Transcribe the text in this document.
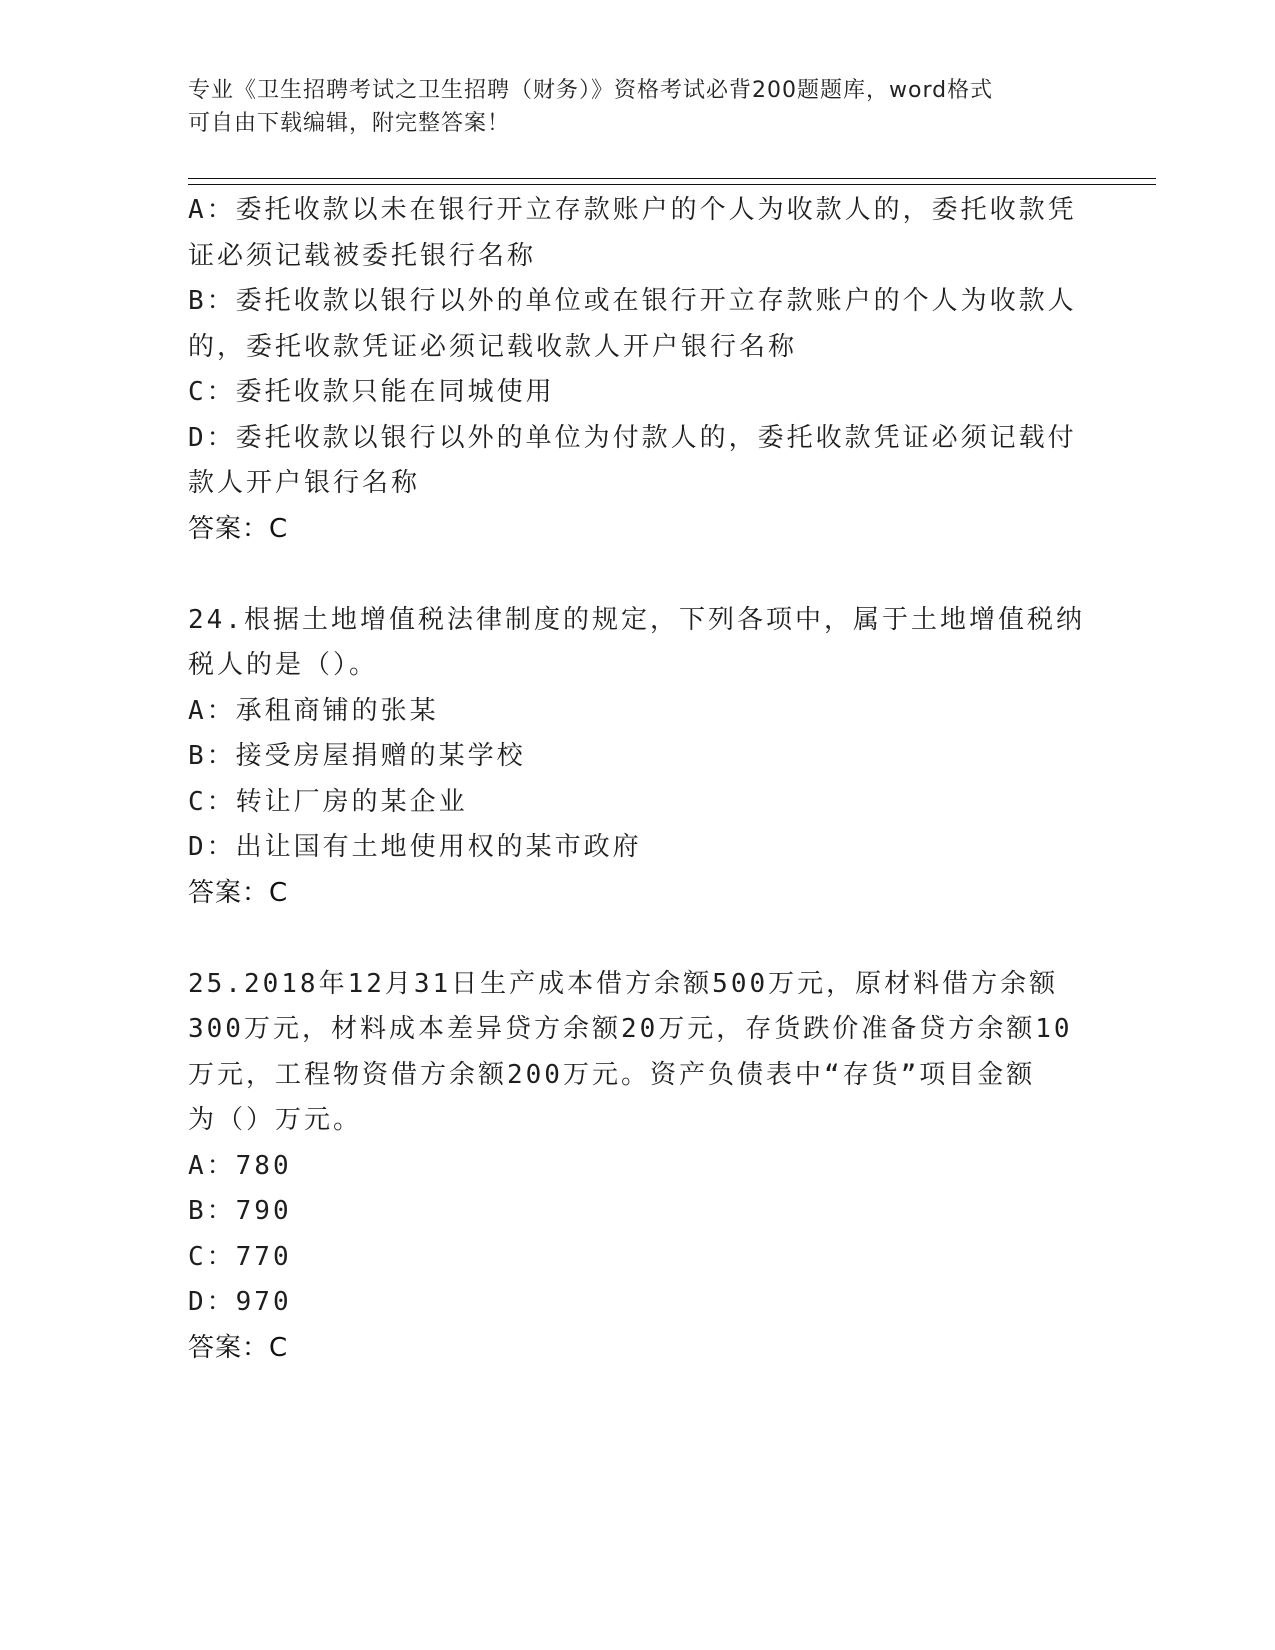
专业《卫生招聘考试之卫生招聘（财务）》资格考试必背200题题库，word格式
可自由下载编辑，附完整答案！
A：委托收款以未在银行开立存款账户的个人为收款人的，委托收款凭
证必须记载被委托银行名称
B：委托收款以银行以外的单位或在银行开立存款账户的个人为收款人
的，委托收款凭证必须记载收款人开户银行名称
C：委托收款只能在同城使用
D：委托收款以银行以外的单位为付款人的，委托收款凭证必须记载付
款人开户银行名称
答案：C
24.根据土地增值税法律制度的规定，下列各项中，属于土地增值税纳
税人的是（）。
A：承租商铺的张某
B：接受房屋捐赠的某学校
C：转让厂房的某企业
D：出让国有土地使用权的某市政府
答案：C
25.2018年12月31日生产成本借方余额500万元，原材料借方余额
300万元，材料成本差异贷方余额20万元，存货跌价准备贷方余额10
万元，工程物资借方余额200万元。资产负债表中“存货”项目金额
为（）万元。
A：780
B：790
C：770
D：970
答案：C
